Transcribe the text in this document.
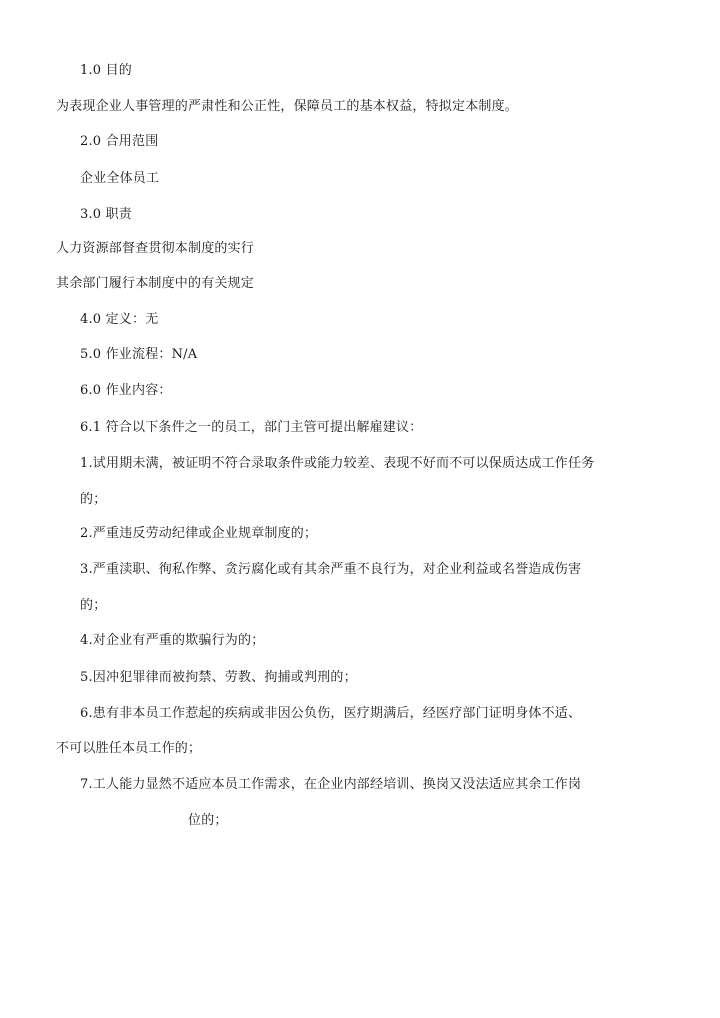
1.0 目的
为表现企业人事管理的严肃性和公正性，保障员工的基本权益，特拟定本制度。
2.0 合用范围
企业全体员工
3.0 职责
人力资源部督查贯彻本制度的实行
其余部门履行本制度中的有关规定
4.0 定义：无
5.0 作业流程：N/A
6.0 作业内容：
6.1 符合以下条件之一的员工，部门主管可提出解雇建议：
1.试用期未满，被证明不符合录取条件或能力较差、表现不好而不可以保质达成工作任务
的；
2.严重违反劳动纪律或企业规章制度的；
3.严重渎职、徇私作弊、贪污腐化或有其余严重不良行为，对企业利益或名誉造成伤害
的；
4.对企业有严重的欺骗行为的；
5.因冲犯罪律而被拘禁、劳教、拘捕或判刑的；
6.患有非本员工作惹起的疾病或非因公负伤，医疗期满后，经医疗部门证明身体不适、
不可以胜任本员工作的；
7.工人能力显然不适应本员工作需求，在企业内部经培训、换岗又没法适应其余工作岗
位的；
